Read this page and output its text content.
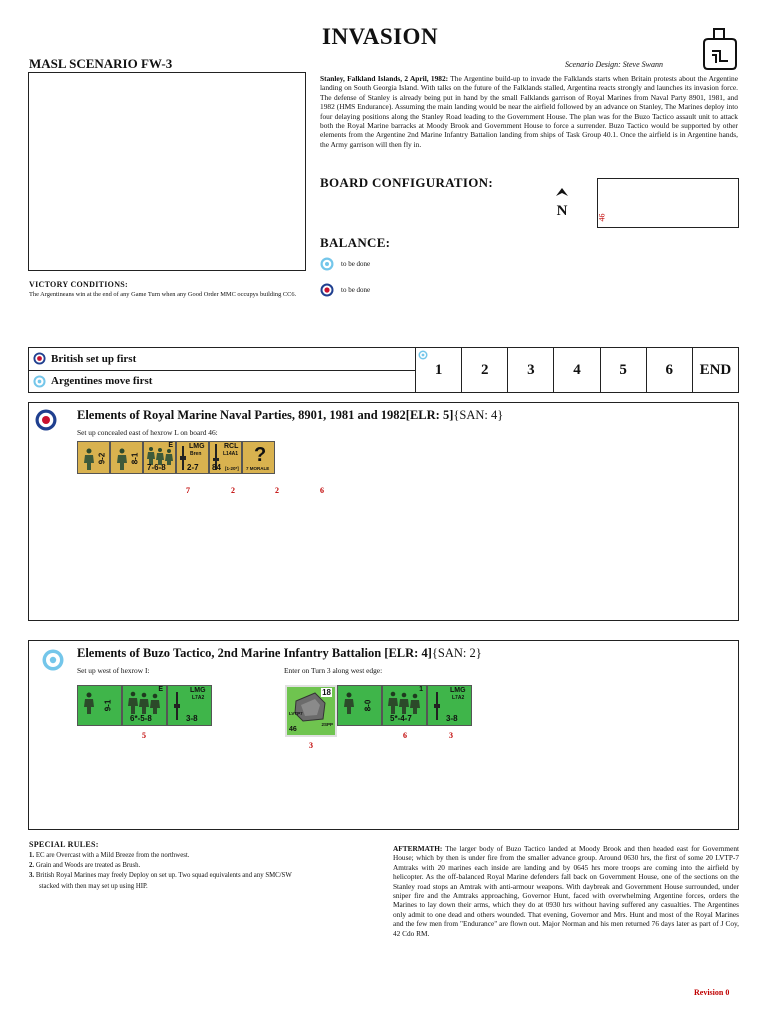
INVASION
MASL SCENARIO FW-3	Scenario Design: Steve Swann
Stanley, Falkland Islands, 2 April, 1982: The Argentine build-up to invade the Falklands starts when Britain protests about the Argentine landing on South Georgia Island. With talks on the future of the Falklands stalled, Argentina reacts strongly and launches its invasion force. The defense of Stanley is already being put in hand by the small Falklands garrison of Royal Marines from Naval Party 8901, 1981, and 1982 (HMS Endurance). Assuming the main landing would be near the airfield followed by an advance on Stanley, The Marines deploy into four delaying positions along the Stanley Road leading to the Government House. The plan was for the Buzo Tactico assault unit to attack both the Royal Marine barracks at Moody Brook and Government House to force a surrender. Buzo Tactico would be supported by other elements from the Argentine 2nd Marine Infantry Battalion landing from ships of Task Group 40.1. Once the airfield is in Argentine hands, the Army garrison will then fly in.
BOARD CONFIGURATION:
N	46
BALANCE:
to be done
to be done
VICTORY CONDITIONS:
The Argentineans win at the end of any Game Turn when any Good Order MMC occupys building CC6.
British set up first
Argentines move first
1	2	3	4	5	6 END
Elements of Royal Marine Naval Parties, 8901, 1981 and 1982[ELR: 5]{SAN: 4}
Set up concealed east of hexrow L on board 46:
9-2	8-1
E
7-6-8
LMG
Bren
2-7
RCL
L14A1
84 [1-20*]
?
7 MORALE
7	2	2	6
Elements of Buzo Tactico, 2nd Marine Infantry Battalion [ELR: 4]{SAN: 2}
Set up west of hexrow I:	Enter on Turn 3 along west edge:
9-1
E
6*-5-8
LMG
L7A2
3-8
5
18
LVTP7
46
2SPP
8-0
1
5*-4-7
LMG
L7A2
3-8
3
6	3
SPECIAL RULES:
1. EC are Overcast with a Mild Breeze from the northwest.
2. Grain and Woods are treated as Brush.
3. British Royal Marines may freely Deploy on set up. Two squad equivalents and any SMC/SW
stacked with then may set up using HIP.
AFTERMATH: The larger body of Buzo Tactico landed at Moody Brook and then headed east for Government House; which by then is under fire from the smaller advance group. Around 0630 hrs, the first of some 20 LVTP-7 Amtraks with 20 marines each inside are landing and by 0645 hrs more troops are coming into the airfield by helicopter. As the off-balanced Royal Marine defenders fall back on Government House, one of the sections on the Stanley road stops an Amtrak with anti-armour weapons. With daybreak and Government House surrounded, under sniper fire and the Amtraks approaching, Governor Hunt, faced with overwhelming Argentine forces, orders the Marines to lay down their arms, which they do at 0930 hrs without having suffered any casualties. The Argentines only admit to one dead and others wounded. That evening, Governor and Mrs. Hunt and most of the Royal Marines and the few men from "Endurance" are flown out. Major Norman and his men returned 76 days later as part of J Coy, 42 Cdo RM.
Revision 0
